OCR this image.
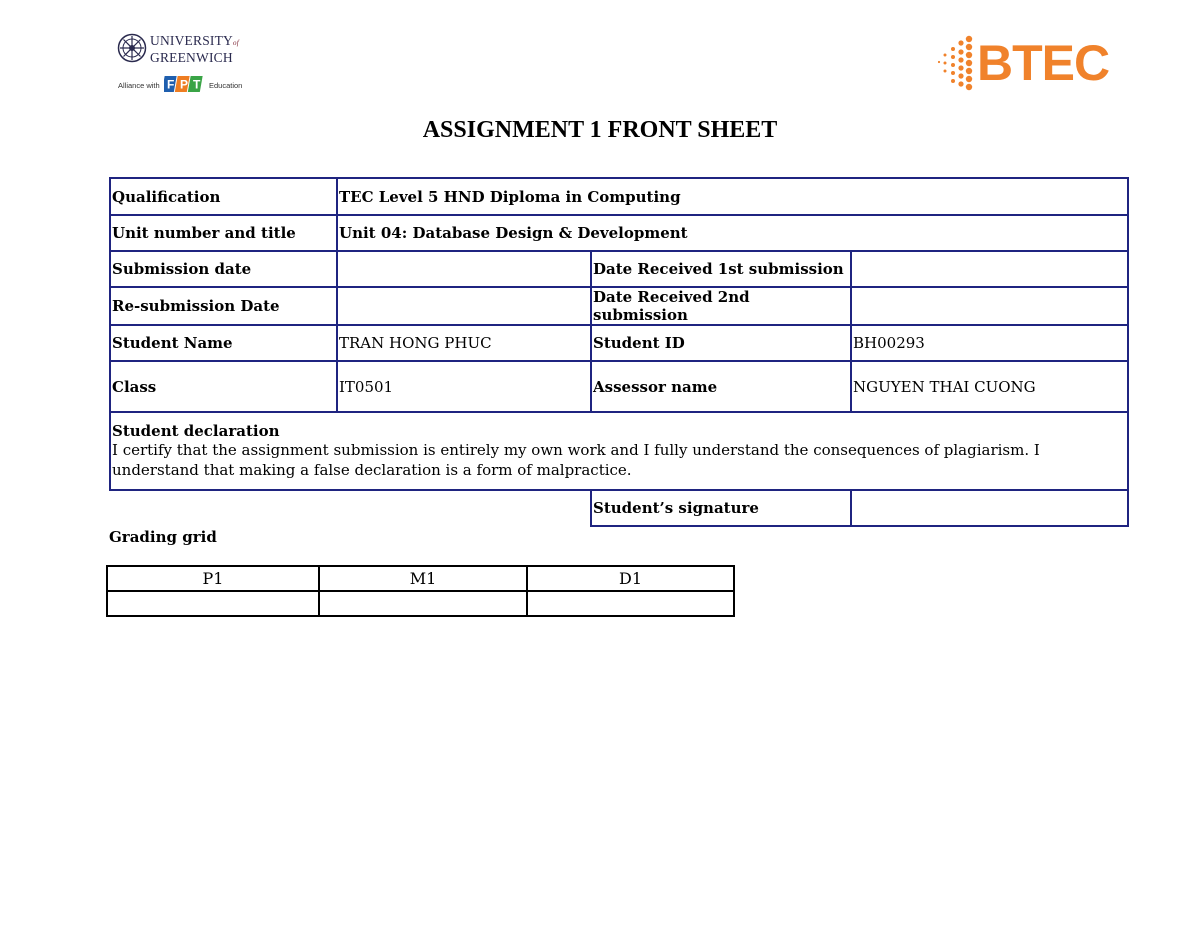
UNIVERSITYof
GREENWICH
Alliance with F P T Education	BTEC
ASSIGNMENT 1 FRONT SHEET
Qualification	TEC Level 5 HND Diploma in Computing		
Unit number and title	Unit 04: Database Design & Development		
Submission date		Date Received 1st submission	
Re-submission Date		Date Received 2nd submission	
Student Name	TRAN HONG PHUC	Student ID	BH00293
Class	IT0501	Assessor name	NGUYEN THAI CUONG

Student declaration
I certify that the assignment submission is entirely my own work and I fully understand the consequences of plagiarism. I understand that making a false declaration is a form of malpractice.			

		Student’s signature	
Grading grid
P1	M1	D1
